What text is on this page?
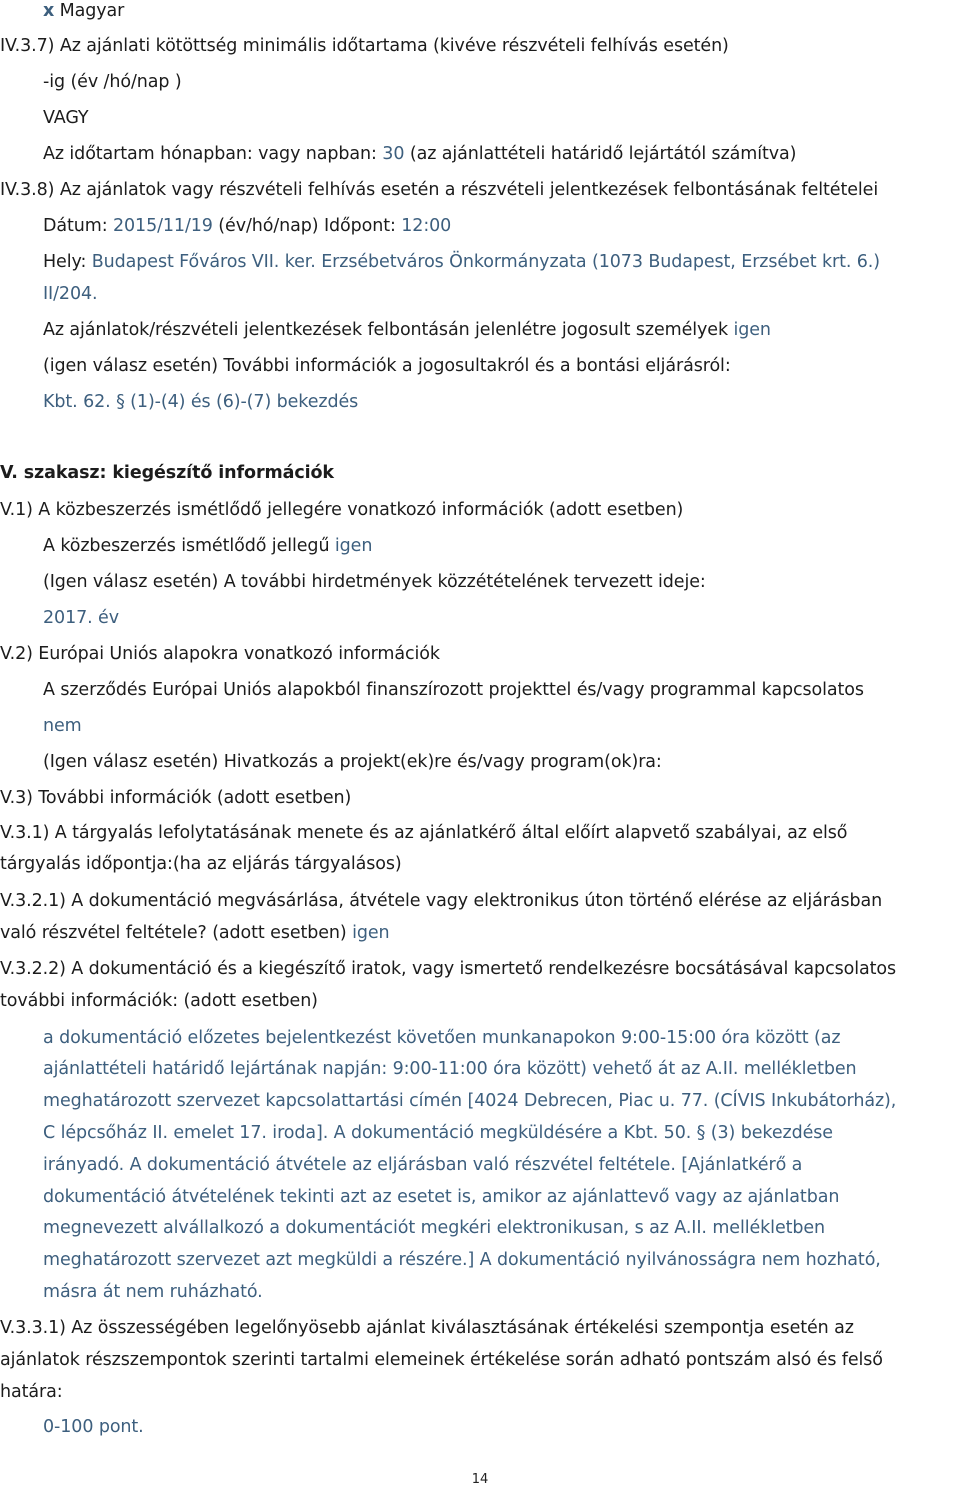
x Magyar
IV.3.7) Az ajánlati kötöttség minimális időtartama (kivéve részvételi felhívás esetén)
-ig (év /hó/nap )
VAGY
Az időtartam hónapban: vagy napban: 30 (az ajánlattételi határidő lejártától számítva)
IV.3.8) Az ajánlatok vagy részvételi felhívás esetén a részvételi jelentkezések felbontásának feltételei
Dátum: 2015/11/19 (év/hó/nap) Időpont: 12:00
Hely: Budapest Főváros VII. ker. Erzsébetváros Önkormányzata (1073 Budapest, Erzsébet krt. 6.)
II/204.
Az ajánlatok/részvételi jelentkezések felbontásán jelenlétre jogosult személyek igen
(igen válasz esetén) További információk a jogosultakról és a bontási eljárásról:
Kbt. 62. § (1)-(4) és (6)-(7) bekezdés
V. szakasz: kiegészítő információk
V.1) A közbeszerzés ismétlődő jellegére vonatkozó információk (adott esetben)
A közbeszerzés ismétlődő jellegű igen
(Igen válasz esetén) A további hirdetmények közzétételének tervezett ideje:
2017. év
V.2) Európai Uniós alapokra vonatkozó információk
A szerződés Európai Uniós alapokból finanszírozott projekttel és/vagy programmal kapcsolatos
nem
(Igen válasz esetén) Hivatkozás a projekt(ek)re és/vagy program(ok)ra:
V.3) További információk (adott esetben)
V.3.1) A tárgyalás lefolytatásának menete és az ajánlatkérő által előírt alapvető szabályai, az első
tárgyalás időpontja:(ha az eljárás tárgyalásos)
V.3.2.1) A dokumentáció megvásárlása, átvétele vagy elektronikus úton történő elérése az eljárásban
való részvétel feltétele? (adott esetben) igen
V.3.2.2) A dokumentáció és a kiegészítő iratok, vagy ismertető rendelkezésre bocsátásával kapcsolatos
további információk: (adott esetben)
a dokumentáció előzetes bejelentkezést követően munkanapokon 9:00-15:00 óra között (az
ajánlattételi határidő lejártának napján: 9:00-11:00 óra között) vehető át az A.II. mellékletben
meghatározott szervezet kapcsolattartási címén [4024 Debrecen, Piac u. 77. (CÍVIS Inkubátorház),
C lépcsőház II. emelet 17. iroda]. A dokumentáció megküldésére a Kbt. 50. § (3) bekezdése
irányadó. A dokumentáció átvétele az eljárásban való részvétel feltétele. [Ajánlatkérő a
dokumentáció átvételének tekinti azt az esetet is, amikor az ajánlattevő vagy az ajánlatban
megnevezett alvállalkozó a dokumentációt megkéri elektronikusan, s az A.II. mellékletben
meghatározott szervezet azt megküldi a részére.] A dokumentáció nyilvánosságra nem hozható,
másra át nem ruházható.
V.3.3.1) Az összességében legelőnyösebb ajánlat kiválasztásának értékelési szempontja esetén az
ajánlatok részszempontok szerinti tartalmi elemeinek értékelése során adható pontszám alsó és felső
határa:
0-100 pont.
14
